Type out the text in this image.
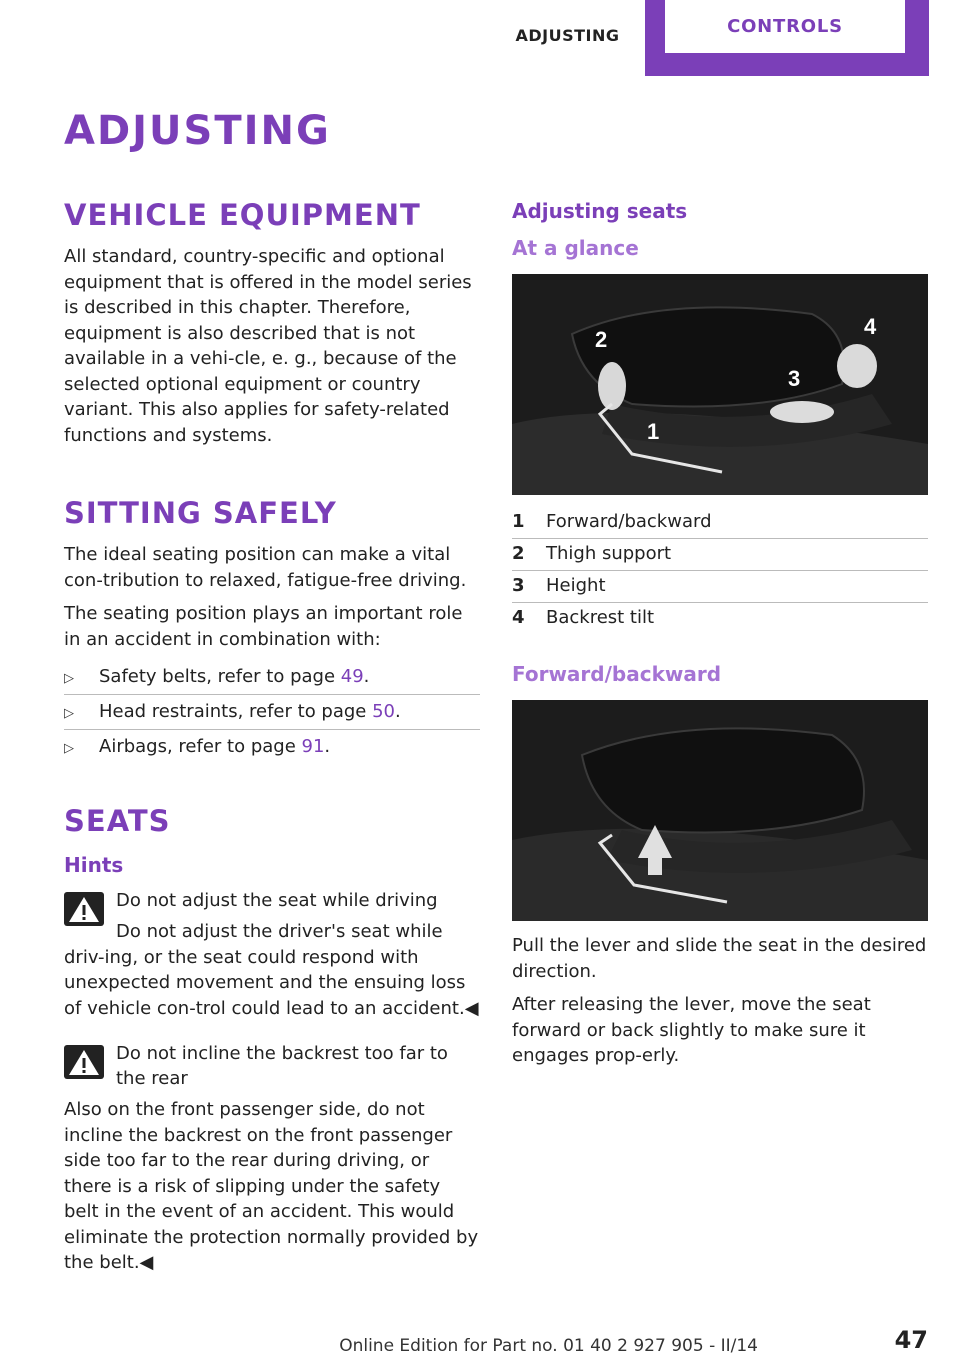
ADJUSTING	CONTROLS
ADJUSTING
VEHICLE EQUIPMENT

All standard, country-specific and optional equipment that is offered in the model series is described in this chapter. Therefore, equipment is also described that is not available in a vehi-cle, e. g., because of the selected optional equipment or country variant. This also applies for safety-related functions and systems.

SITTING SAFELY

The ideal seating position can make a vital con-tribution to relaxed, fatigue-free driving.

The seating position plays an important role in an accident in combination with:

▷ Safety belts, refer to page 49.
▷ Head restraints, refer to page 50.
▷ Airbags, refer to page 91.
SEATS
Hints
Do not adjust the seat while driving

Do not adjust the driver's seat while driv-ing, or the seat could respond with unexpected movement and the ensuing loss of vehicle con-trol could lead to an accident.◀

Do not incline the backrest too far to the rear

Also on the front passenger side, do not incline the backrest on the front passenger side too far to the rear during driving, or there is a risk of slipping under the safety belt in the event of an accident. This would eliminate the protection normally provided by the belt.◀

Adjusting seats
At a glance
2
4
3
1
1	Forward/backward
2	Thigh support
3	Height
4	Backrest tilt
Forward/backward

Pull the lever and slide the seat in the desired direction.

After releasing the lever, move the seat forward or back slightly to make sure it engages prop-erly.

Online Edition for Part no. 01 40 2 927 905 - II/14	47
